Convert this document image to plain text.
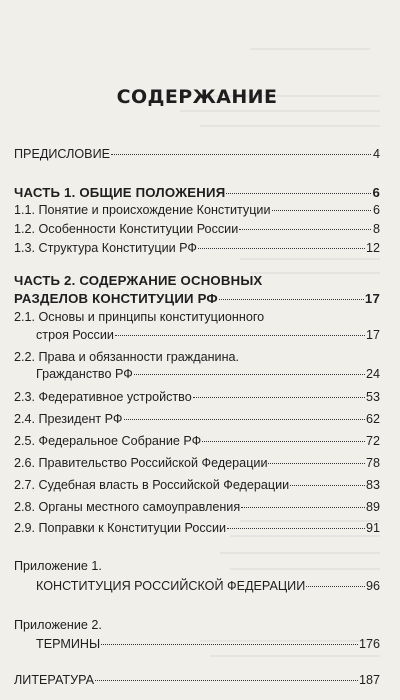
СОДЕРЖАНИЕ
ПРЕДИСЛОВИЕ	4
ЧАСТЬ 1. ОБЩИЕ ПОЛОЖЕНИЯ	6
1.1. Понятие и происхождение Конституции	6
1.2. Особенности Конституции России	8
1.3. Структура Конституции РФ	12
ЧАСТЬ 2. СОДЕРЖАНИЕ ОСНОВНЫХ
РАЗДЕЛОВ КОНСТИТУЦИИ РФ	17
2.1. Основы и принципы конституционного
строя России	17
2.2. Права и обязанности гражданина.
Гражданство РФ	24
2.3. Федеративное устройство	53
2.4. Президент РФ	62
2.5. Федеральное Собрание РФ	72
2.6. Правительство Российской Федерации	78
2.7. Судебная власть в Российской Федерации	83
2.8. Органы местного самоуправления	89
2.9. Поправки к Конституции России	91
Приложение 1.
КОНСТИТУЦИЯ РОССИЙСКОЙ ФЕДЕРАЦИИ	96
Приложение 2.
ТЕРМИНЫ	176
ЛИТЕРАТУРА	187
